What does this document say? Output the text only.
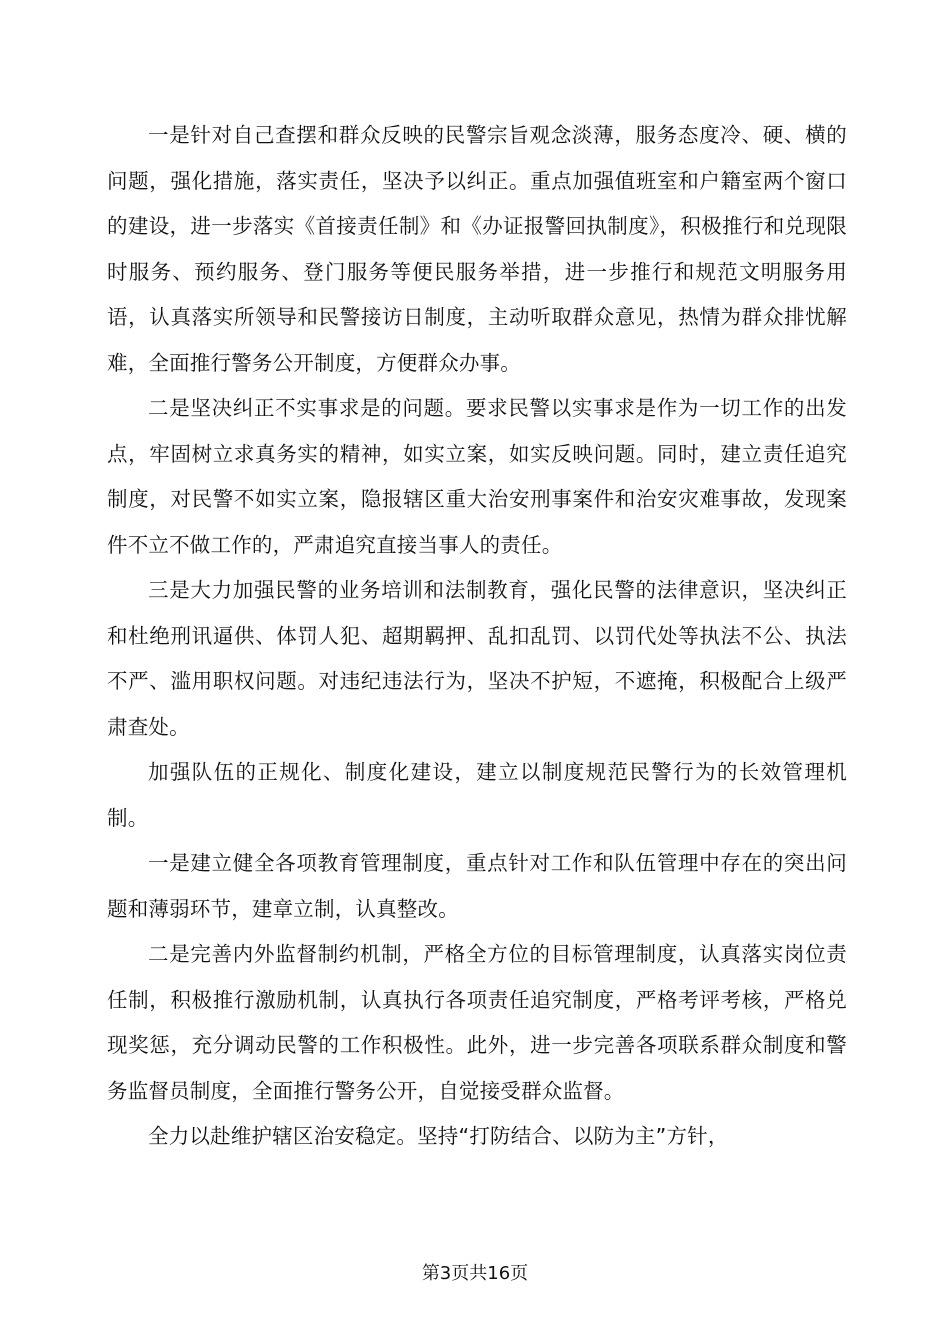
一是针对自己查摆和群众反映的民警宗旨观念淡薄，服务态度冷、硬、横的问题，强化措施，落实责任，坚决予以纠正。重点加强值班室和户籍室两个窗口的建设，进一步落实《首接责任制》和《办证报警回执制度》，积极推行和兑现限时服务、预约服务、登门服务等便民服务举措，进一步推行和规范文明服务用语，认真落实所领导和民警接访日制度，主动听取群众意见，热情为群众排忧解难，全面推行警务公开制度，方便群众办事。

二是坚决纠正不实事求是的问题。要求民警以实事求是作为一切工作的出发点，牢固树立求真务实的精神，如实立案，如实反映问题。同时，建立责任追究制度，对民警不如实立案，隐报辖区重大治安刑事案件和治安灾难事故，发现案件不立不做工作的，严肃追究直接当事人的责任。

三是大力加强民警的业务培训和法制教育，强化民警的法律意识，坚决纠正和杜绝刑讯逼供、体罚人犯、超期羁押、乱扣乱罚、以罚代处等执法不公、执法不严、滥用职权问题。对违纪违法行为，坚决不护短，不遮掩，积极配合上级严肃查处。

加强队伍的正规化、制度化建设，建立以制度规范民警行为的长效管理机制。

一是建立健全各项教育管理制度，重点针对工作和队伍管理中存在的突出问题和薄弱环节，建章立制，认真整改。

二是完善内外监督制约机制，严格全方位的目标管理制度，认真落实岗位责任制，积极推行激励机制，认真执行各项责任追究制度，严格考评考核，严格兑现奖惩，充分调动民警的工作积极性。此外，进一步完善各项联系群众制度和警务监督员制度，全面推行警务公开，自觉接受群众监督。

全力以赴维护辖区治安稳定。坚持“打防结合、以防为主”方针，

第3页共16页
